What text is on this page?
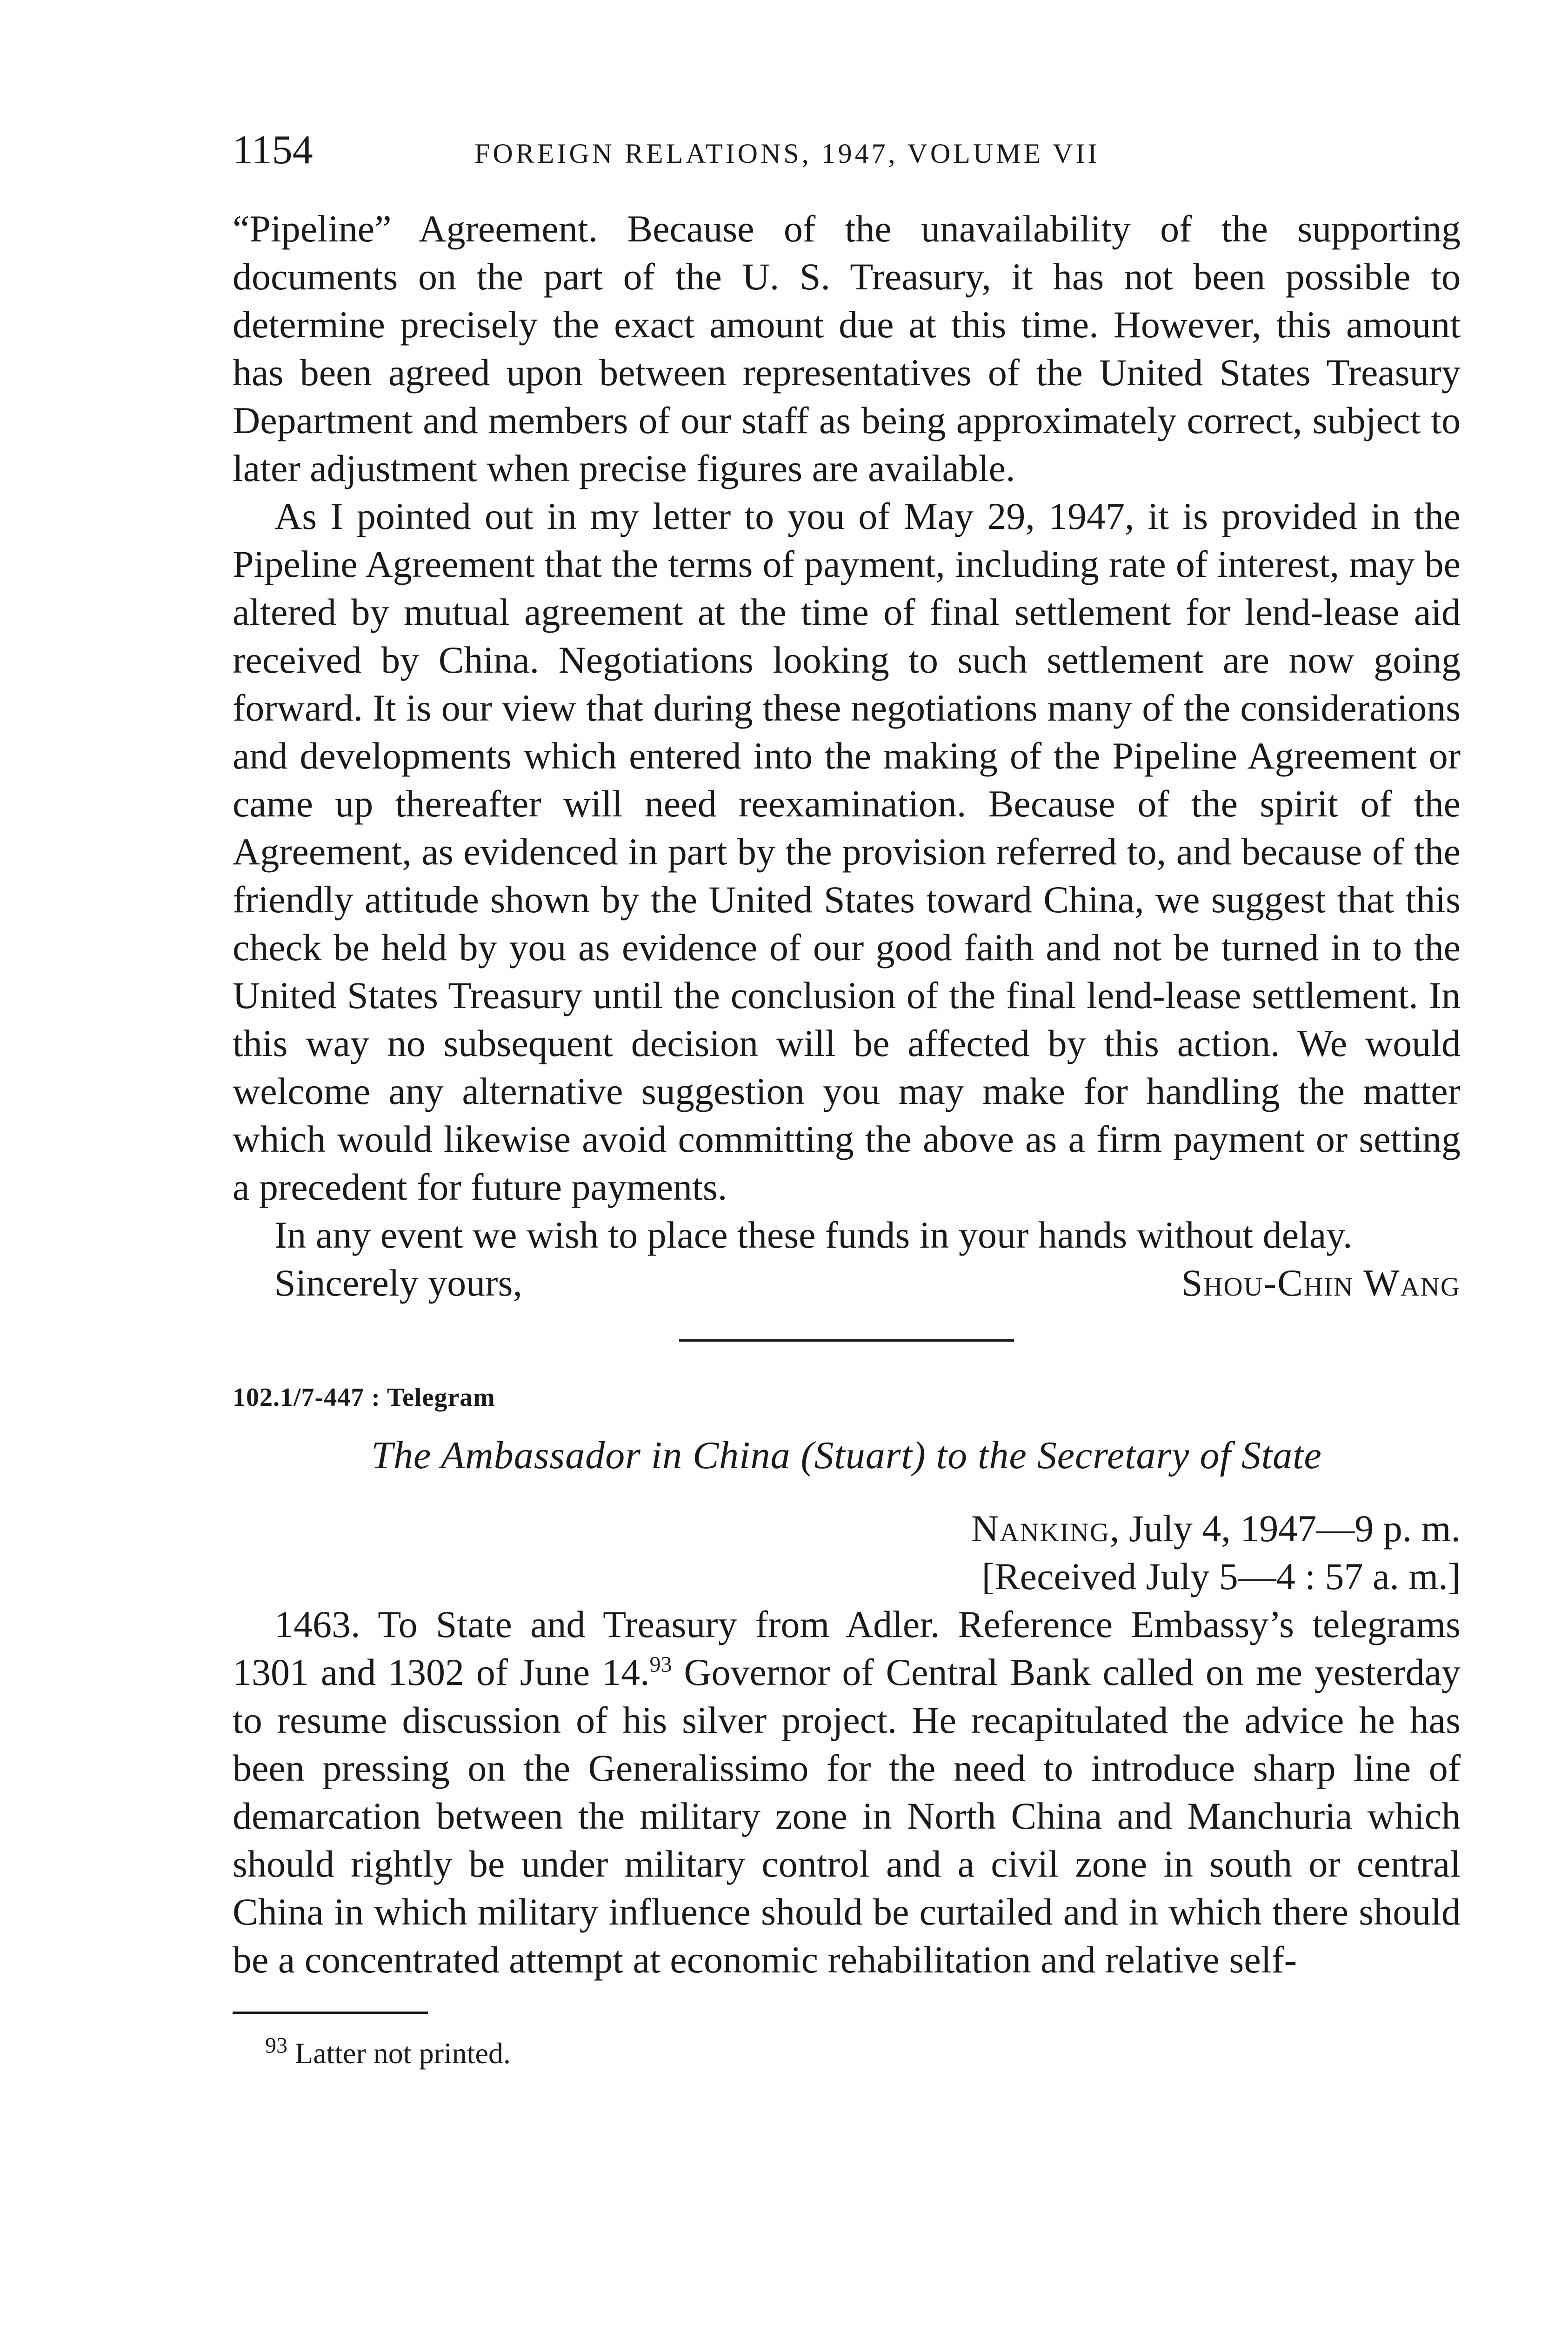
1154	FOREIGN RELATIONS, 1947, VOLUME VII

“Pipeline” Agreement. Because of the unavailability of the supporting documents on the part of the U. S. Treasury, it has not been possible to determine precisely the exact amount due at this time. However, this amount has been agreed upon between representatives of the United States Treasury Department and members of our staff as being approximately correct, subject to later adjustment when precise figures are available.

As I pointed out in my letter to you of May 29, 1947, it is provided in the Pipeline Agreement that the terms of payment, including rate of interest, may be altered by mutual agreement at the time of final settlement for lend-lease aid received by China. Negotiations looking to such settlement are now going forward. It is our view that during these negotiations many of the considerations and developments which entered into the making of the Pipeline Agreement or came up thereafter will need reexamination. Because of the spirit of the Agreement, as evidenced in part by the provision referred to, and because of the friendly attitude shown by the United States toward China, we suggest that this check be held by you as evidence of our good faith and not be turned in to the United States Treasury until the conclusion of the final lend-lease settlement. In this way no subsequent decision will be affected by this action. We would welcome any alternative suggestion you may make for handling the matter which would likewise avoid committing the above as a firm payment or setting a precedent for future payments.

In any event we wish to place these funds in your hands without delay.

Sincerely yours,	Shou-Chin Wang
102.1/7-447 : Telegram
The Ambassador in China (Stuart) to the Secretary of State
Nanking, July 4, 1947—9 p. m.
[Received July 5—4 : 57 a. m.]

1463. To State and Treasury from Adler. Reference Embassy’s telegrams 1301 and 1302 of June 14.93 Governor of Central Bank called on me yesterday to resume discussion of his silver project. He recapitulated the advice he has been pressing on the Generalissimo for the need to introduce sharp line of demarcation between the military zone in North China and Manchuria which should rightly be under military control and a civil zone in south or central China in which military influence should be curtailed and in which there should be a concentrated attempt at economic rehabilitation and relative self-

$^{93}$ Latter not printed.
